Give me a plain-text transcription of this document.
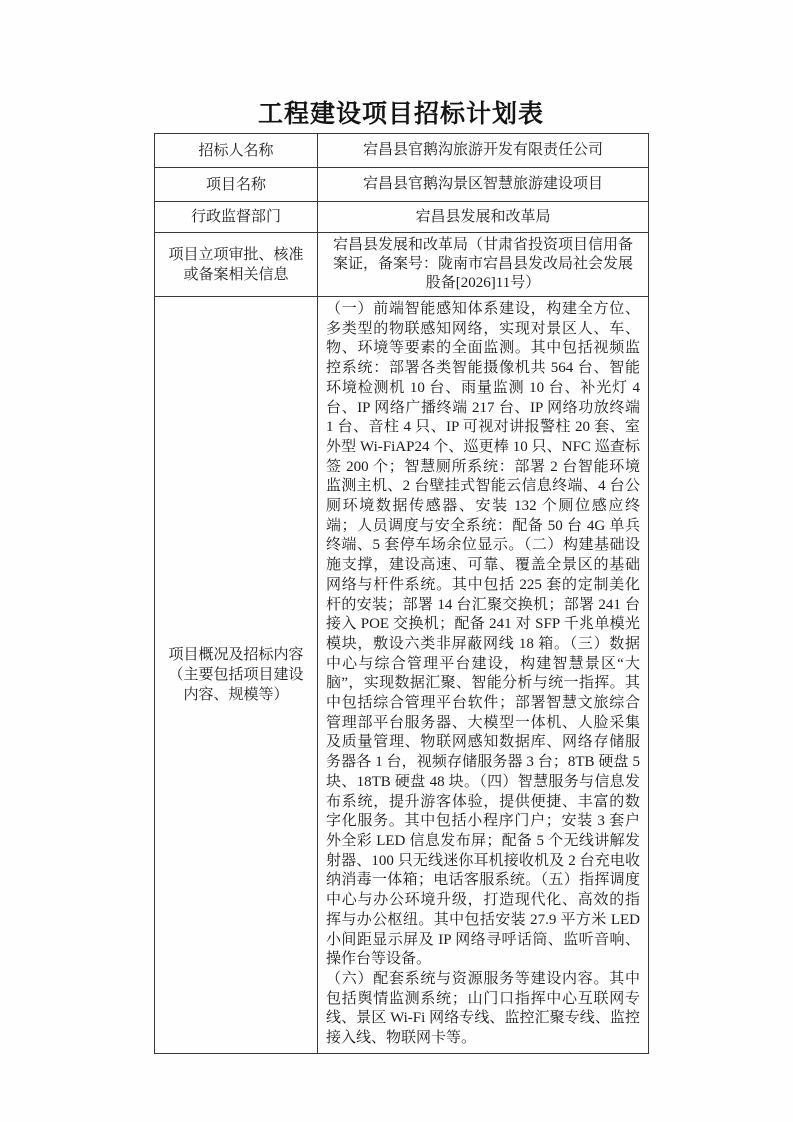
工程建设项目招标计划表
招标人名称	宕昌县官鹅沟旅游开发有限责任公司
项目名称	宕昌县官鹅沟景区智慧旅游建设项目
行政监督部门	宕昌县发展和改革局
项目立项审批、核准或备案相关信息	宕昌县发展和改革局（甘肃省投资项目信用备案证，备案号：陇南市宕昌县发改局社会发展股备[2026]11号）
项目概况及招标内容（主要包括项目建设内容、规模等）	（一）前端智能感知体系建设，构建全方位、多类型的物联感知网络，实现对景区人、车、物、环境等要素的全面监测。其中包括视频监控系统：部署各类智能摄像机共 564 台、智能环境检测机 10 台、雨量监测 10 台、补光灯 4 台、IP 网络广播终端 217 台、IP 网络功放终端 1 台、音柱 4 只、IP 可视对讲报警柱 20 套、室外型 Wi-FiAP24 个、巡更棒 10 只、NFC 巡查标签 200 个；智慧厕所系统：部署 2 台智能环境监测主机、2 台壁挂式智能云信息终端、4 台公厕环境数据传感器、安装 132 个厕位感应终端；人员调度与安全系统：配备 50 台 4G 单兵终端、5 套停车场余位显示。（二）构建基础设施支撑，建设高速、可靠、覆盖全景区的基础网络与杆件系统。其中包括 225 套的定制美化杆的安装；部署 14 台汇聚交换机；部署 241 台接入 POE 交换机；配备 241 对 SFP 千兆单模光模块，敷设六类非屏蔽网线 18 箱。（三）数据中心与综合管理平台建设，构建智慧景区“大脑”，实现数据汇聚、智能分析与统一指挥。其中包括综合管理平台软件；部署智慧文旅综合管理部平台服务器、大模型一体机、人脸采集及质量管理、物联网感知数据库、网络存储服务器各 1 台，视频存储服务器 3 台；8TB 硬盘 5 块、18TB 硬盘 48 块。（四）智慧服务与信息发布系统，提升游客体验，提供便捷、丰富的数字化服务。其中包括小程序门户；安装 3 套户外全彩 LED 信息发布屏；配备 5 个无线讲解发射器、100 只无线迷你耳机接收机及 2 台充电收纳消毒一体箱；电话客服系统。（五）指挥调度中心与办公环境升级，打造现代化、高效的指挥与办公枢纽。其中包括安装 27.9 平方米 LED 小间距显示屏及 IP 网络寻呼话筒、监听音响、操作台等设备。
（六）配套系统与资源服务等建设内容。其中包括舆情监测系统；山门口指挥中心互联网专线、景区 Wi-Fi 网络专线、监控汇聚专线、监控接入线、物联网卡等。
